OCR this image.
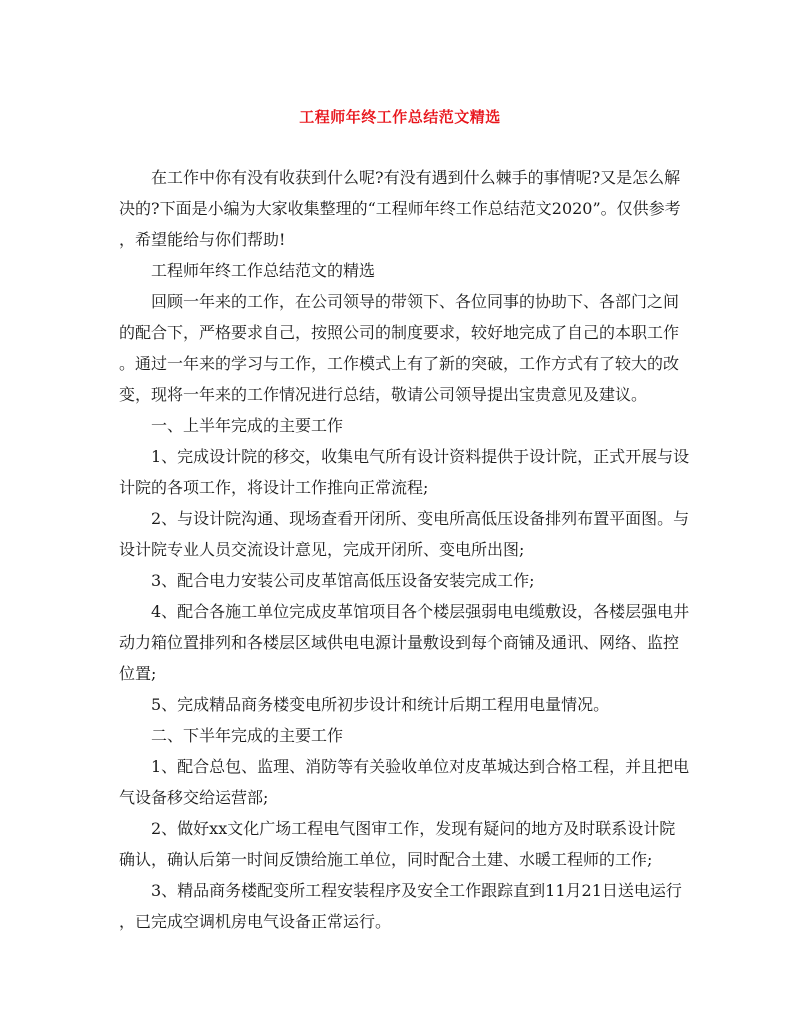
工程师年终工作总结范文精选
在工作中你有没有收获到什么呢?有没有遇到什么棘手的事情呢?又是怎么解
决的?下面是小编为大家收集整理的“工程师年终工作总结范文2020”。仅供参考
，希望能给与你们帮助!
工程师年终工作总结范文的精选
回顾一年来的工作，在公司领导的带领下、各位同事的协助下、各部门之间
的配合下，严格要求自己，按照公司的制度要求，较好地完成了自己的本职工作
。通过一年来的学习与工作，工作模式上有了新的突破，工作方式有了较大的改
变，现将一年来的工作情况进行总结，敬请公司领导提出宝贵意见及建议。
一、上半年完成的主要工作
1、完成设计院的移交，收集电气所有设计资料提供于设计院，正式开展与设
计院的各项工作，将设计工作推向正常流程;
2、与设计院沟通、现场查看开闭所、变电所高低压设备排列布置平面图。与
设计院专业人员交流设计意见，完成开闭所、变电所出图;
3、配合电力安装公司皮革馆高低压设备安装完成工作;
4、配合各施工单位完成皮革馆项目各个楼层强弱电电缆敷设，各楼层强电井
动力箱位置排列和各楼层区域供电电源计量敷设到每个商铺及通讯、网络、监控
位置;
5、完成精品商务楼变电所初步设计和统计后期工程用电量情况。
二、下半年完成的主要工作
1、配合总包、监理、消防等有关验收单位对皮革城达到合格工程，并且把电
气设备移交给运营部;
2、做好xx文化广场工程电气图审工作，发现有疑问的地方及时联系设计院
确认，确认后第一时间反馈给施工单位，同时配合土建、水暖工程师的工作;
3、精品商务楼配变所工程安装程序及安全工作跟踪直到11月21日送电运行
，已完成空调机房电气设备正常运行。
